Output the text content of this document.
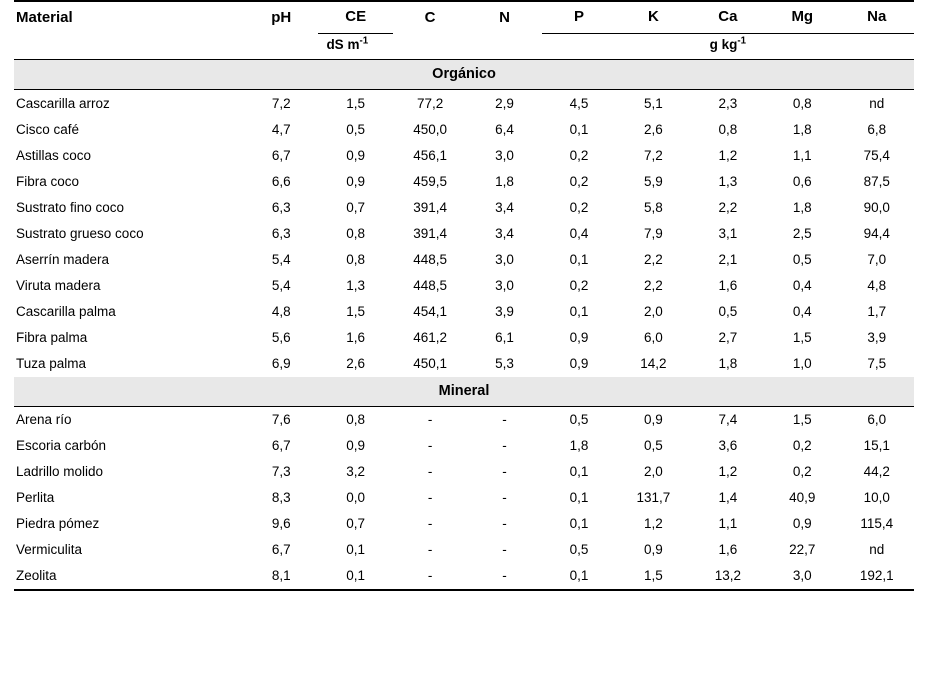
Material	pH	CE	C	N	P	K	Ca	Mg	Na

		dS $m^{-1}$			g $kg^{-1}$

Orgánico									
Cascarilla arroz	7,2	1,5	77,2	2,9	4,5	5,1	2,3	0,8	nd
Cisco café	4,7	0,5	450,0	6,4	0,1	2,6	0,8	1,8	6,8
Astillas coco	6,7	0,9	456,1	3,0	0,2	7,2	1,2	1,1	75,4
Fibra coco	6,6	0,9	459,5	1,8	0,2	5,9	1,3	0,6	87,5
Sustrato fino coco	6,3	0,7	391,4	3,4	0,2	5,8	2,2	1,8	90,0
Sustrato grueso coco	6,3	0,8	391,4	3,4	0,4	7,9	3,1	2,5	94,4
Aserrín madera	5,4	0,8	448,5	3,0	0,1	2,2	2,1	0,5	7,0
Viruta madera	5,4	1,3	448,5	3,0	0,2	2,2	1,6	0,4	4,8
Cascarilla palma	4,8	1,5	454,1	3,9	0,1	2,0	0,5	0,4	1,7
Fibra palma	5,6	1,6	461,2	6,1	0,9	6,0	2,7	1,5	3,9
Tuza palma	6,9	2,6	450,1	5,3	0,9	14,2	1,8	1,0	7,5
Mineral									
Arena río	7,6	0,8	-	-	0,5	0,9	7,4	1,5	6,0
Escoria carbón	6,7	0,9	-	-	1,8	0,5	3,6	0,2	15,1
Ladrillo molido	7,3	3,2	-	-	0,1	2,0	1,2	0,2	44,2
Perlita	8,3	0,0	-	-	0,1	131,7	1,4	40,9	10,0
Piedra pómez	9,6	0,7	-	-	0,1	1,2	1,1	0,9	115,4
Vermiculita	6,7	0,1	-	-	0,5	0,9	1,6	22,7	nd
Zeolita	8,1	0,1	-	-	0,1	1,5	13,2	3,0	192,1
